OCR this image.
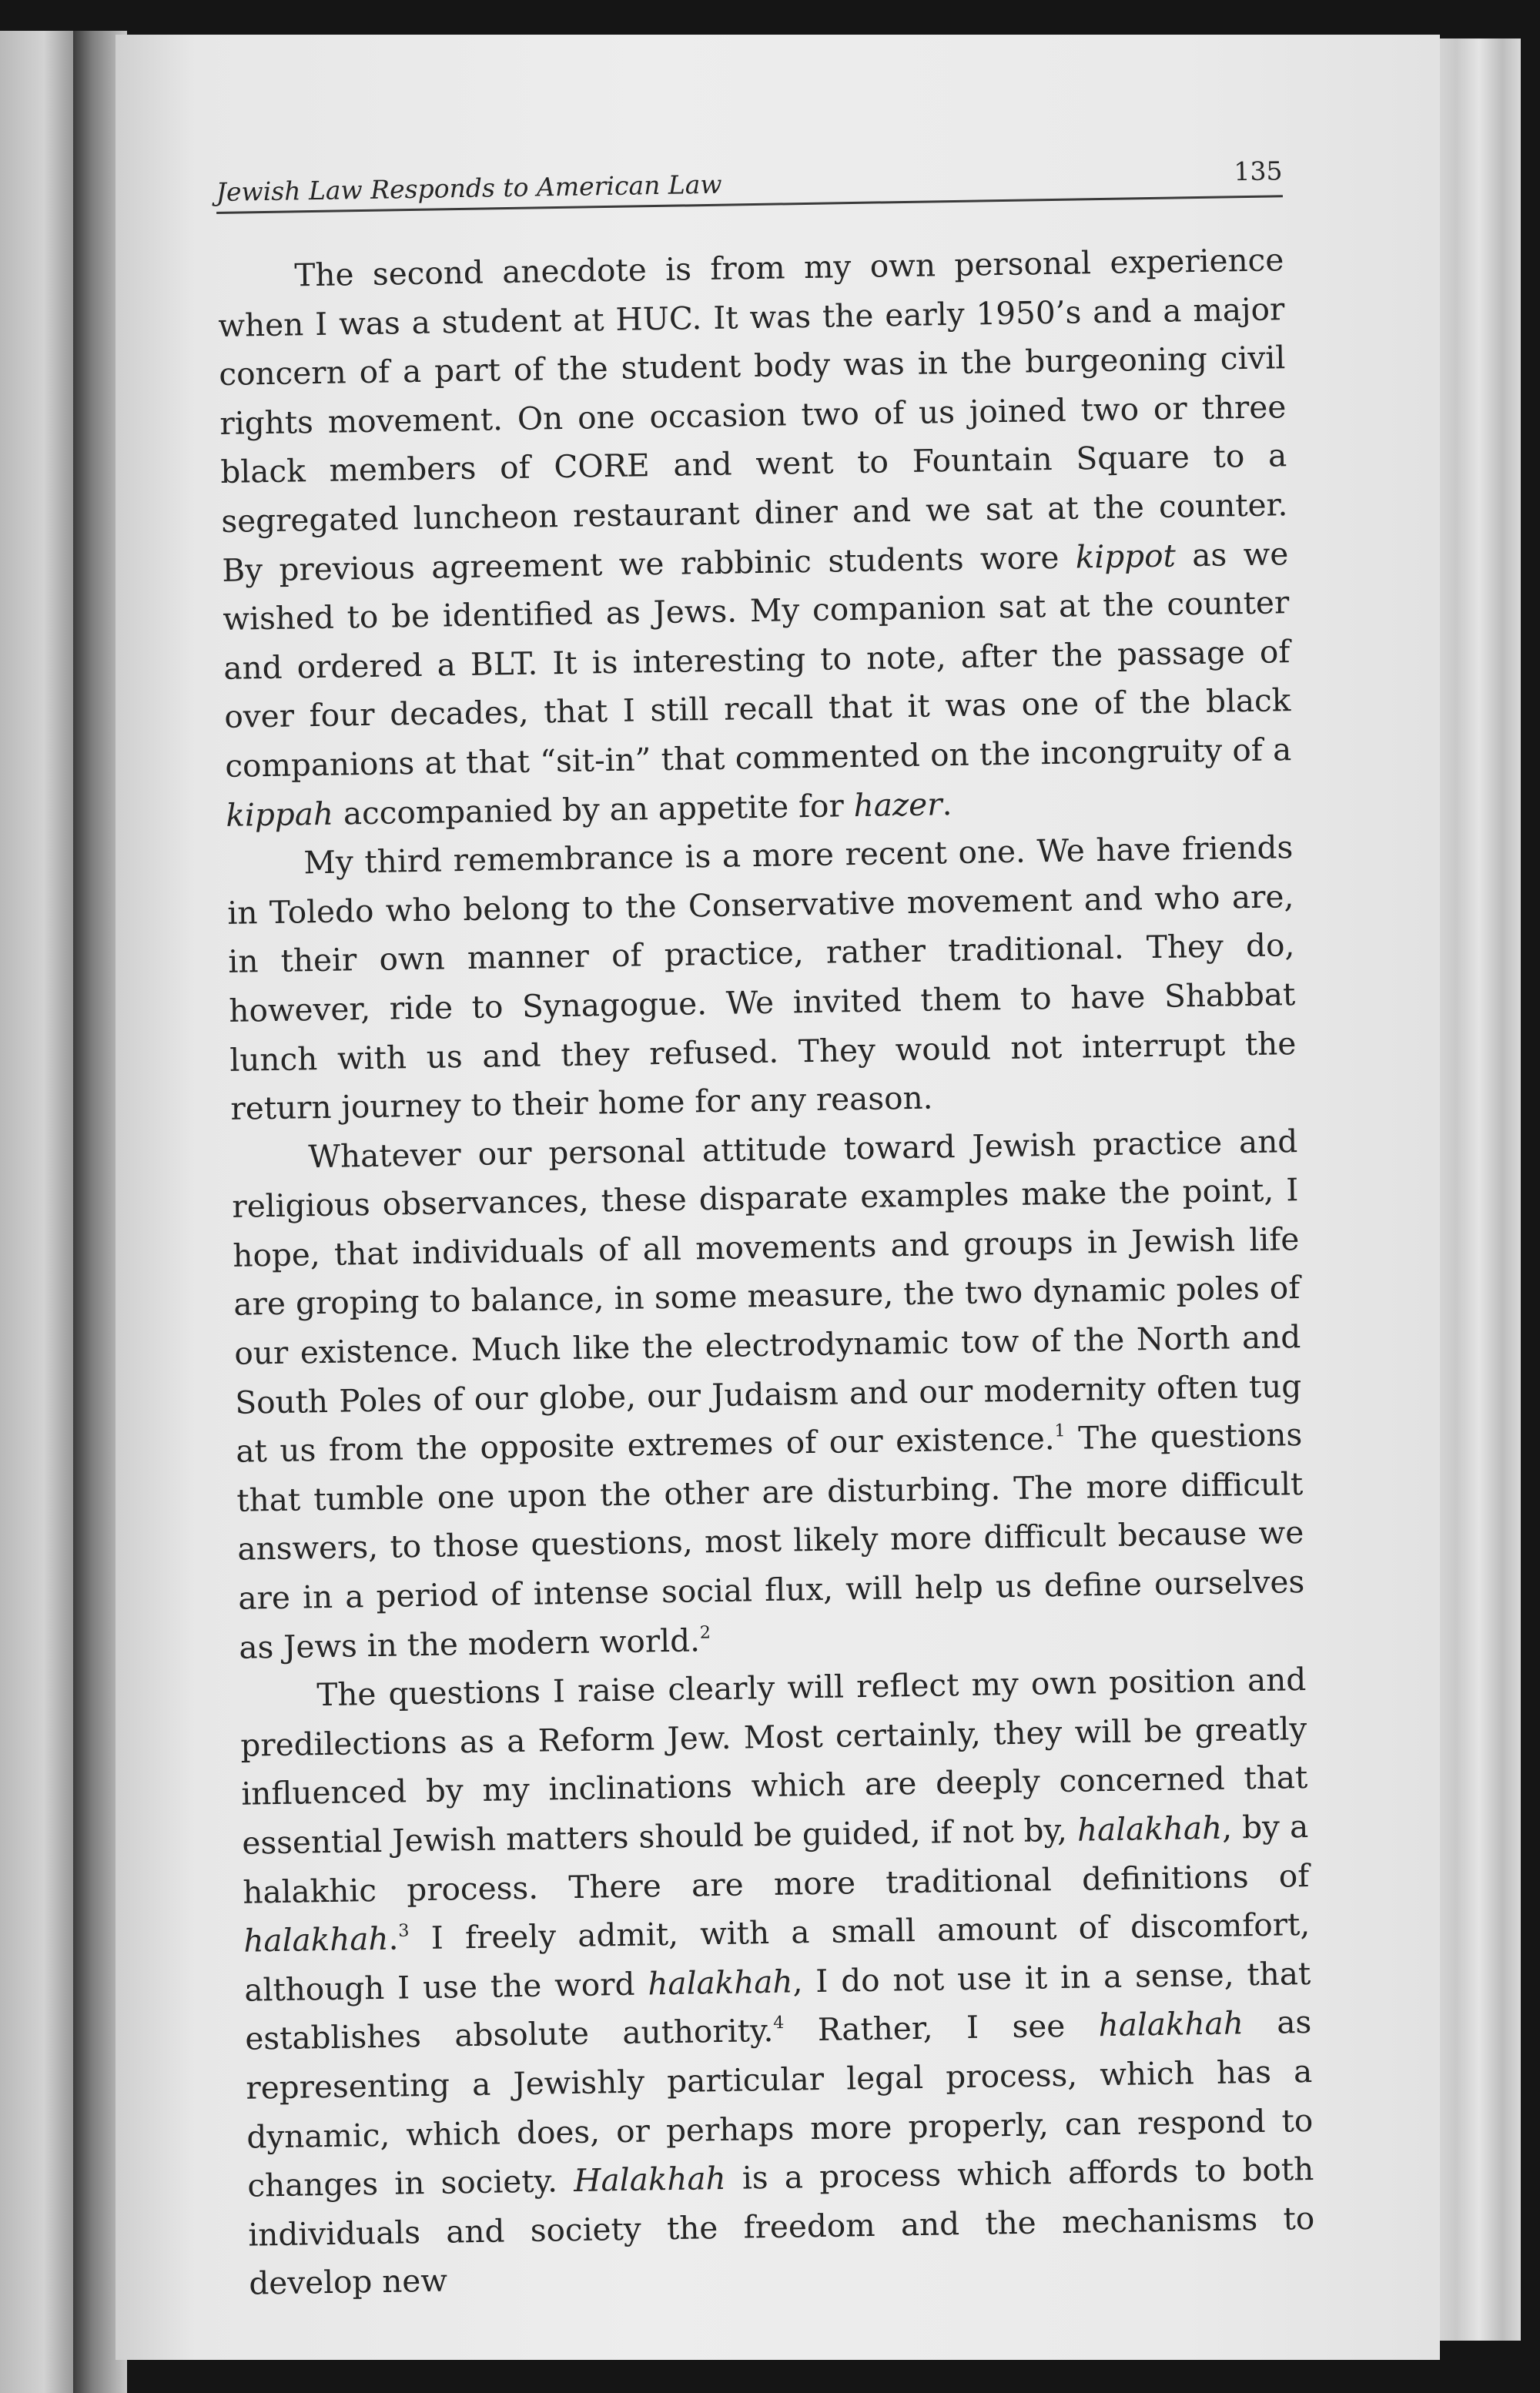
Jewish Law Responds to American Law	135

The second anecdote is from my own personal experience when I was a student at HUC. It was the early 1950’s and a major concern of a part of the student body was in the burgeoning civil rights movement. On one occasion two of us joined two or three black members of CORE and went to Fountain Square to a segregated luncheon restaurant diner and we sat at the counter. By previous agreement we rabbinic students wore kippot as we wished to be identified as Jews. My companion sat at the counter and ordered a BLT. It is interesting to note, after the passage of over four decades, that I still recall that it was one of the black companions at that “sit-in” that commented on the incongruity of a kippah accompanied by an appetite for hazer.

My third remembrance is a more recent one. We have friends in Toledo who belong to the Conservative movement and who are, in their own manner of practice, rather traditional. They do, however, ride to Synagogue. We invited them to have Shabbat lunch with us and they refused. They would not interrupt the return journey to their home for any reason.

Whatever our personal attitude toward Jewish practice and religious observances, these disparate examples make the point, I hope, that individuals of all movements and groups in Jewish life are groping to balance, in some measure, the two dynamic poles of our existence. Much like the electrodynamic tow of the North and South Poles of our globe, our Judaism and our modernity often tug at us from the opposite extremes of our existence.$^1$ The questions that tumble one upon the other are disturbing. The more difficult answers, to those questions, most likely more difficult because we are in a period of intense social flux, will help us define ourselves as Jews in the modern world.$^2$

The questions I raise clearly will reflect my own position and predilections as a Reform Jew. Most certainly, they will be greatly influenced by my inclinations which are deeply concerned that essential Jewish matters should be guided, if not by, halakhah, by a halakhic process. There are more traditional definitions of halakhah.$^3$ I freely admit, with a small amount of discomfort, although I use the word halakhah, I do not use it in a sense, that establishes absolute authority.$^4$ Rather, I see halakhah as representing a Jewishly particular legal process, which has a dynamic, which does, or perhaps more properly, can respond to changes in society. Halakhah is a process which affords to both individuals and society the freedom and the mechanisms to develop new
